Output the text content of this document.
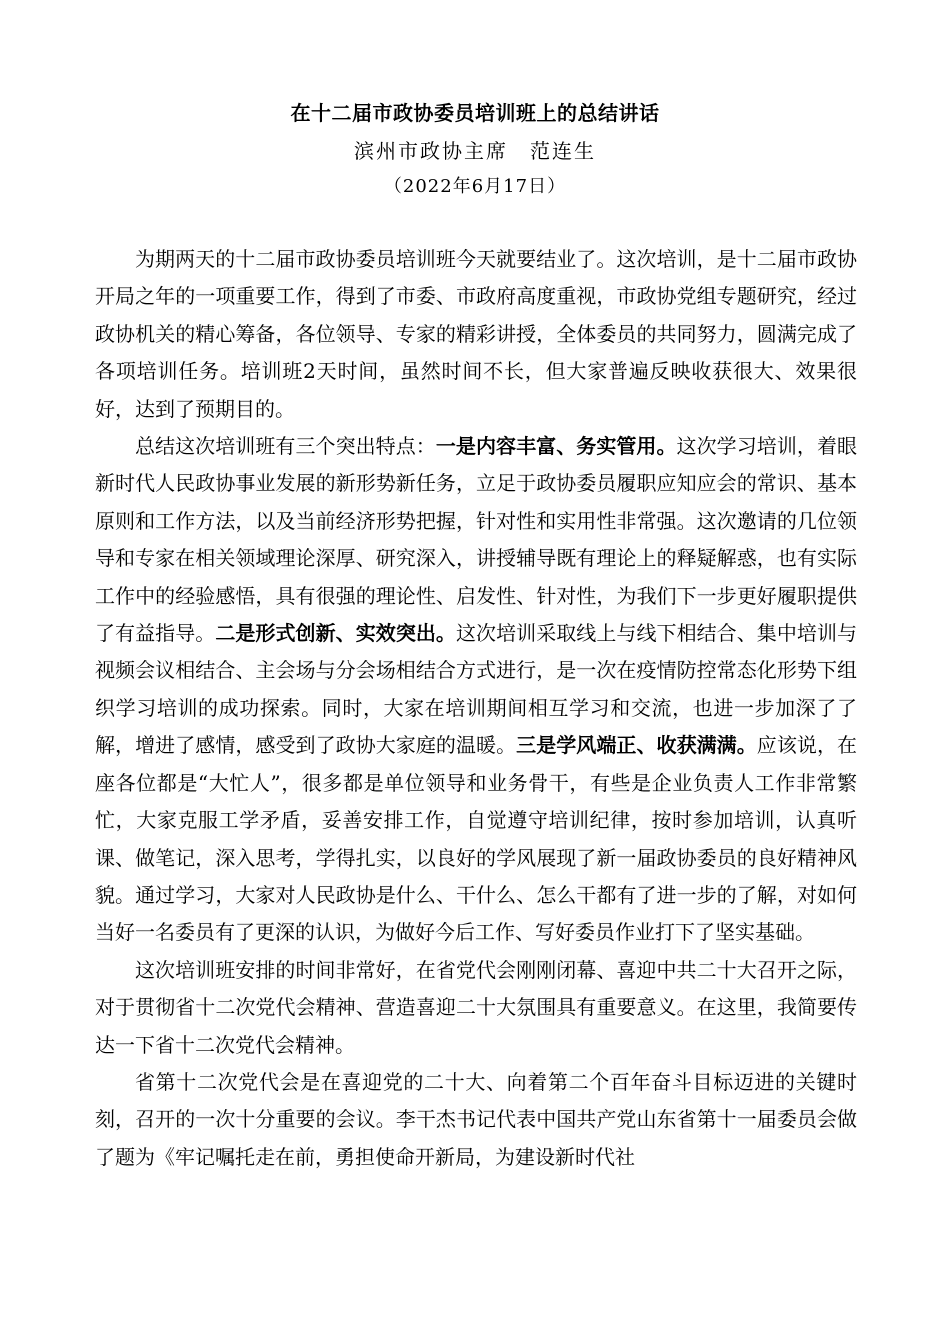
在十二届市政协委员培训班上的总结讲话
滨州市政协主席　范连生
（2022年6月17日）

为期两天的十二届市政协委员培训班今天就要结业了。这次培训，是十二届市政协开局之年的一项重要工作，得到了市委、市政府高度重视，市政协党组专题研究，经过政协机关的精心筹备，各位领导、专家的精彩讲授，全体委员的共同努力，圆满完成了各项培训任务。培训班2天时间，虽然时间不长，但大家普遍反映收获很大、效果很好，达到了预期目的。

总结这次培训班有三个突出特点：一是内容丰富、务实管用。这次学习培训，着眼新时代人民政协事业发展的新形势新任务，立足于政协委员履职应知应会的常识、基本原则和工作方法，以及当前经济形势把握，针对性和实用性非常强。这次邀请的几位领导和专家在相关领域理论深厚、研究深入，讲授辅导既有理论上的释疑解惑，也有实际工作中的经验感悟，具有很强的理论性、启发性、针对性，为我们下一步更好履职提供了有益指导。二是形式创新、实效突出。这次培训采取线上与线下相结合、集中培训与视频会议相结合、主会场与分会场相结合方式进行，是一次在疫情防控常态化形势下组织学习培训的成功探索。同时，大家在培训期间相互学习和交流，也进一步加深了了解，增进了感情，感受到了政协大家庭的温暖。三是学风端正、收获满满。应该说，在座各位都是“大忙人”，很多都是单位领导和业务骨干，有些是企业负责人工作非常繁忙，大家克服工学矛盾，妥善安排工作，自觉遵守培训纪律，按时参加培训，认真听课、做笔记，深入思考，学得扎实，以良好的学风展现了新一届政协委员的良好精神风貌。通过学习，大家对人民政协是什么、干什么、怎么干都有了进一步的了解，对如何当好一名委员有了更深的认识，为做好今后工作、写好委员作业打下了坚实基础。

这次培训班安排的时间非常好，在省党代会刚刚闭幕、喜迎中共二十大召开之际，对于贯彻省十二次党代会精神、营造喜迎二十大氛围具有重要意义。在这里，我简要传达一下省十二次党代会精神。

省第十二次党代会是在喜迎党的二十大、向着第二个百年奋斗目标迈进的关键时刻，召开的一次十分重要的会议。李干杰书记代表中国共产党山东省第十一届委员会做了题为《牢记嘱托走在前，勇担使命开新局，为建设新时代社
